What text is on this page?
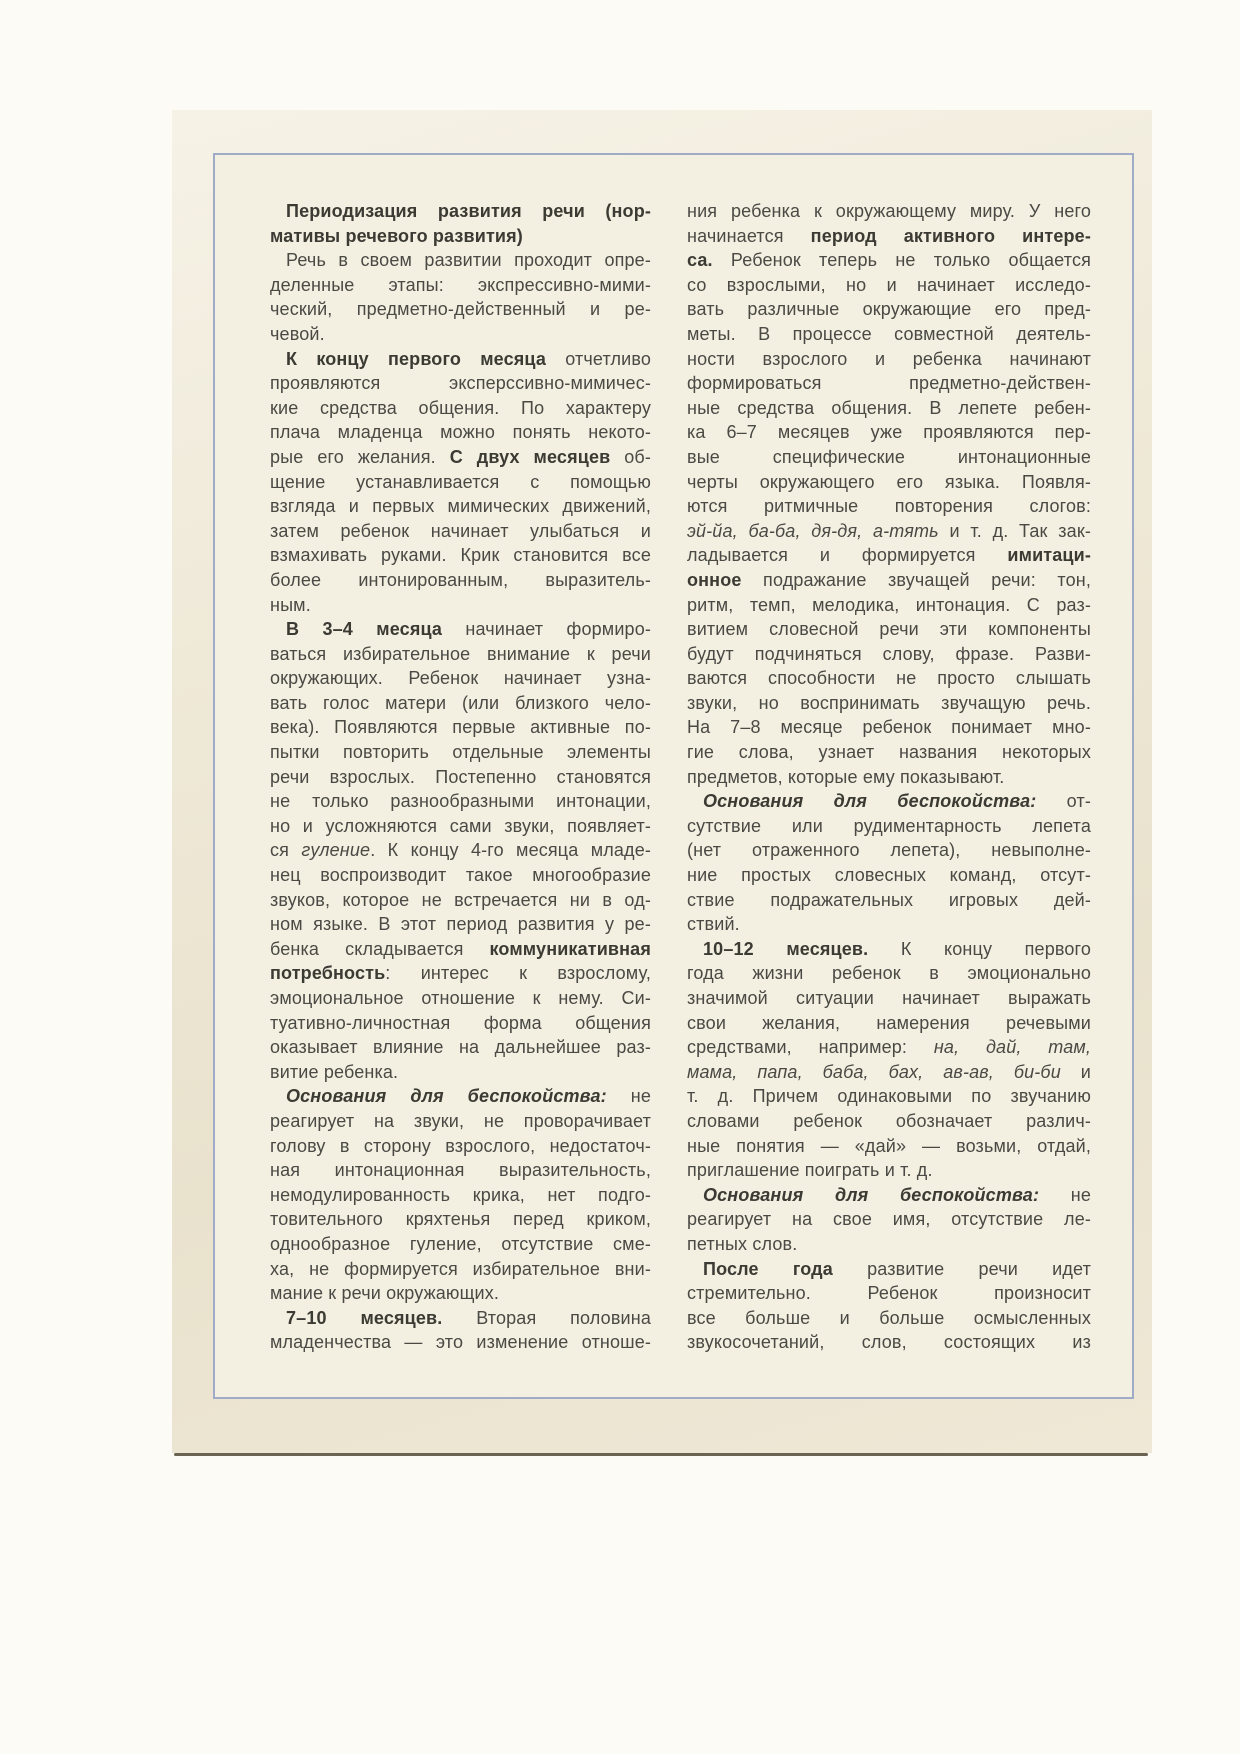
Периодизация развития речи (нор-
мативы речевого развития)
Речь в своем развитии проходит опре-
деленные этапы: экспрессивно-мими-
ческий, предметно-действенный и ре-
чевой.
К концу первого месяца отчетливо
проявляются эксперссивно-мимичес-
кие средства общения. По характеру
плача младенца можно понять некото-
рые его желания. С двух месяцев об-
щение устанавливается с помощью
взгляда и первых мимических движений,
затем ребенок начинает улыбаться и
взмахивать руками. Крик становится все
более интонированным, выразитель-
ным.
В 3–4 месяца начинает формиро-
ваться избирательное внимание к речи
окружающих. Ребенок начинает узна-
вать голос матери (или близкого чело-
века). Появляются первые активные по-
пытки повторить отдельные элементы
речи взрослых. Постепенно становятся
не только разнообразными интонации,
но и усложняются сами звуки, появляет-
ся гуление. К концу 4-го месяца младе-
нец воспроизводит такое многообразие
звуков, которое не встречается ни в од-
ном языке. В этот период развития у ре-
бенка складывается коммуникативная
потребность: интерес к взрослому,
эмоциональное отношение к нему. Си-
туативно-личностная форма общения
оказывает влияние на дальнейшее раз-
витие ребенка.
Основания для беспокойства: не
реагирует на звуки, не проворачивает
голову в сторону взрослого, недостаточ-
ная интонационная выразительность,
немодулированность крика, нет подго-
товительного кряхтенья перед криком,
однообразное гуление, отсутствие сме-
ха, не формируется избирательное вни-
мание к речи окружающих.
7–10 месяцев. Вторая половина
младенчества — это изменение отноше-
ния ребенка к окружающему миру. У него
начинается период активного интере-
са. Ребенок теперь не только общается
со взрослыми, но и начинает исследо-
вать различные окружающие его пред-
меты. В процессе совместной деятель-
ности взрослого и ребенка начинают
формироваться предметно-действен-
ные средства общения. В лепете ребен-
ка 6–7 месяцев уже проявляются пер-
вые специфические интонационные
черты окружающего его языка. Появля-
ются ритмичные повторения слогов:
эй-йа, ба-ба, дя-дя, а-тять и т. д. Так зак-
ладывается и формируется имитаци-
онное подражание звучащей речи: тон,
ритм, темп, мелодика, интонация. С раз-
витием словесной речи эти компоненты
будут подчиняться слову, фразе. Разви-
ваются способности не просто слышать
звуки, но воспринимать звучащую речь.
На 7–8 месяце ребенок понимает мно-
гие слова, узнает названия некоторых
предметов, которые ему показывают.
Основания для беспокойства: от-
сутствие или рудиментарность лепета
(нет отраженного лепета), невыполне-
ние простых словесных команд, отсут-
ствие подражательных игровых дей-
ствий.
10–12 месяцев. К концу первого
года жизни ребенок в эмоционально
значимой ситуации начинает выражать
свои желания, намерения речевыми
средствами, например: на, дай, там,
мама, папа, баба, бах, ав-ав, би-би и
т. д. Причем одинаковыми по звучанию
словами ребенок обозначает различ-
ные понятия — «дай» — возьми, отдай,
приглашение поиграть и т. д.
Основания для беспокойства: не
реагирует на свое имя, отсутствие ле-
петных слов.
После года развитие речи идет
стремительно. Ребенок произносит
все больше и больше осмысленных
звукосочетаний, слов, состоящих из
